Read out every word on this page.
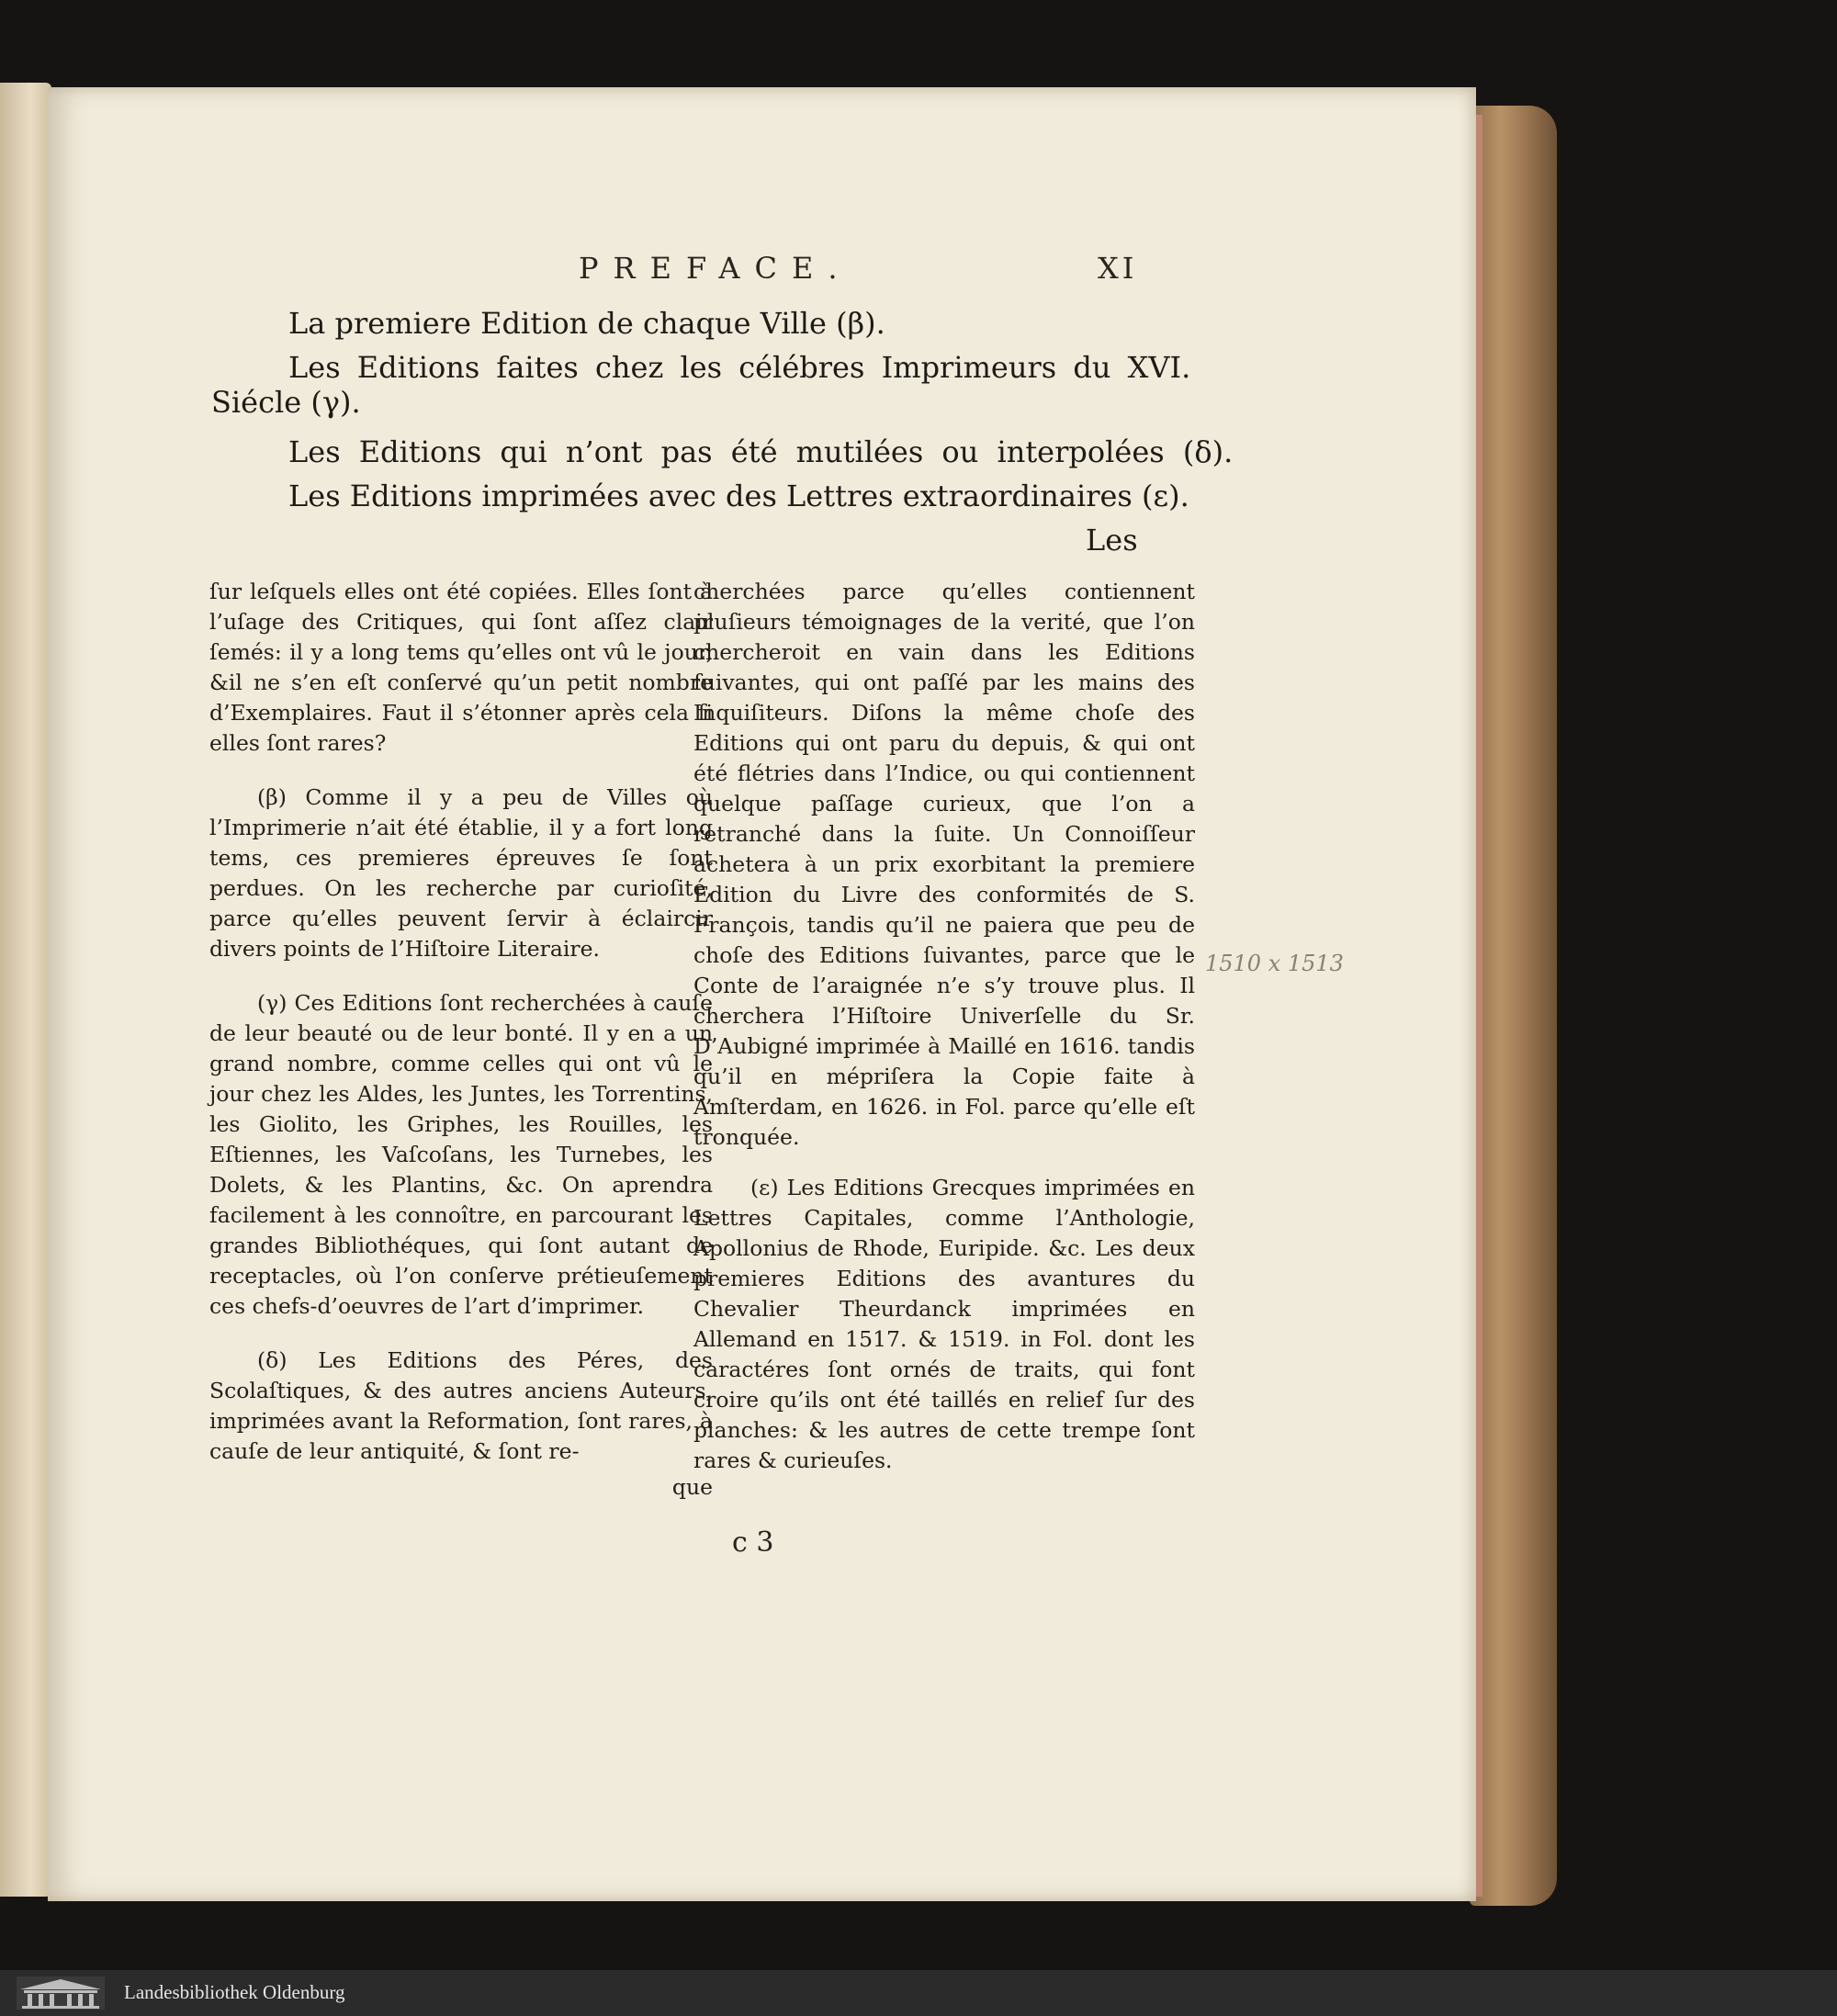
PREFACE.	XI
La premiere Edition de chaque Ville (β).
Les Editions faites chez les célébres Imprimeurs du XVI.
Siécle (γ).
Les Editions qui n’ont pas été mutilées ou interpolées (δ).
Les Editions imprimées avec des Lettres extraordinaires (ε).
Les

ſur leſquels elles ont été copiées. Elles ſont à l’uſage des Critiques, qui ſont aſſez clair ſemés: il y a long tems qu’elles ont vû le jour, &il ne s’en eſt conſervé qu’un petit nombre d’Exemplaires. Faut il s’étonner après cela ſi elles ſont rares?

(β) Comme il y a peu de Villes où l’Imprimerie n’ait été établie, il y a fort long tems, ces premieres épreuves ſe ſont perdues. On les recherche par curioſité, parce qu’elles peuvent ſervir à éclaircir divers points de l’Hiſtoire Literaire.

(γ) Ces Editions ſont recherchées à cauſe de leur beauté ou de leur bonté. Il y en a un grand nombre, comme celles qui ont vû le jour chez les Aldes, les Juntes, les Torrentins, les Giolito, les Griphes, les Rouilles, les Eſtiennes, les Vaſcoſans, les Turnebes, les Dolets, & les Plantins, &c. On aprendra facilement à les connoître, en parcourant les grandes Bibliothéques, qui ſont autant de receptacles, où l’on conſerve prétieuſement ces chefs-d’oeuvres de l’art d’imprimer.

(δ) Les Editions des Péres, des Scolaſtiques, & des autres anciens Auteurs, imprimées avant la Reformation, ſont rares, à cauſe de leur antiquité, & ſont re-

que

cherchées parce qu’elles contiennent pluſieurs témoignages de la verité, que l’on chercheroit en vain dans les Editions ſuivantes, qui ont paſſé par les mains des Inquiſiteurs. Diſons la même choſe des Editions qui ont paru du depuis, & qui ont été flétries dans l’Indice, ou qui contiennent quelque paſſage curieux, que l’on a retranché dans la ſuite. Un Connoiſſeur achetera à un prix exorbitant la premiere Edition du Livre des conformités de S. François, tandis qu’il ne paiera que peu de choſe des Editions ſuivantes, parce que le Conte de l’araignée n’e s’y trouve plus. Il cherchera l’Hiſtoire Univerſelle du Sr. D’Aubigné imprimée à Maillé en 1616. tandis qu’il en mépriſera la Copie faite à Amſterdam, en 1626. in Fol. parce qu’elle eſt tronquée.

(ε) Les Editions Grecques imprimées en Lettres Capitales, comme l’Anthologie, Apollonius de Rhode, Euripide. &c. Les deux premieres Editions des avantures du Chevalier Theurdanck imprimées en Allemand en 1517. & 1519. in Fol. dont les caractéres ſont ornés de traits, qui font croire qu’ils ont été taillés en relief ſur des planches: & les autres de cette trempe ſont rares & curieuſes.

c 3
1510 x 1513
Landesbibliothek Oldenburg
